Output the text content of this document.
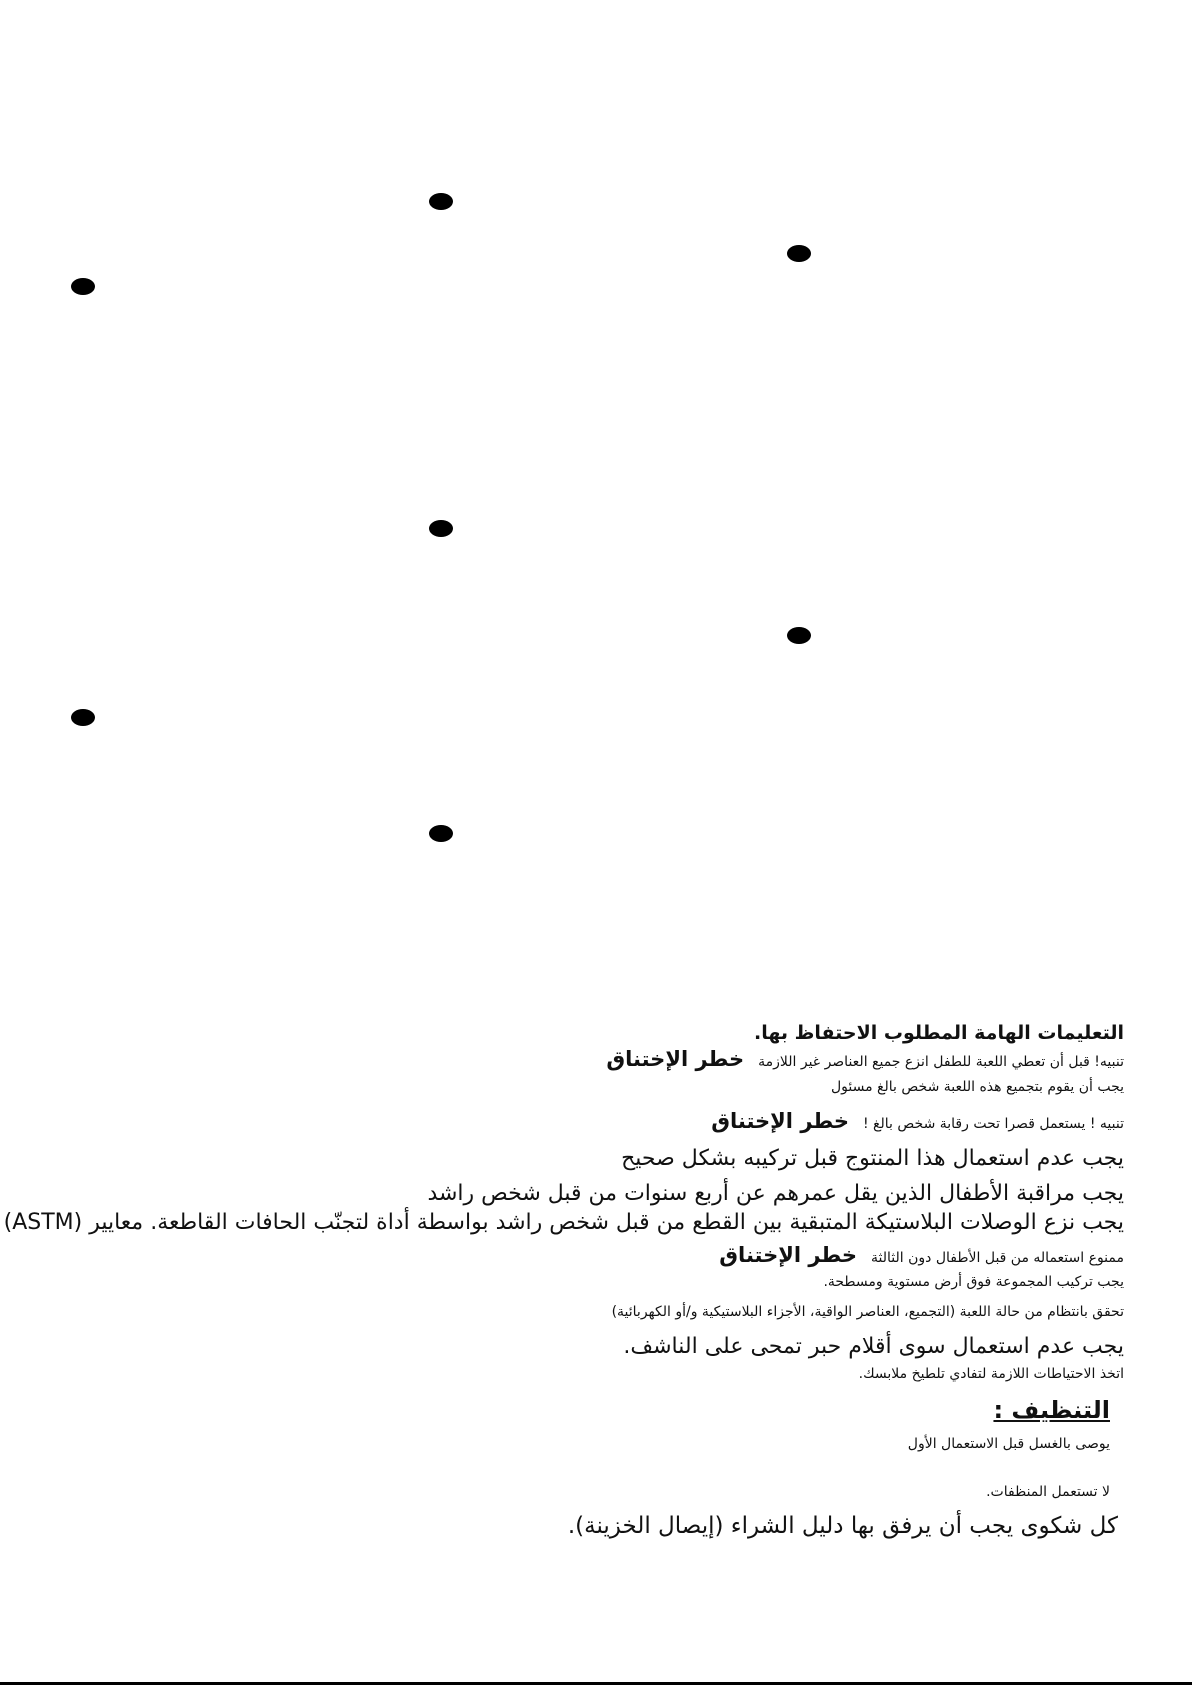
التعليمات الهامة المطلوب الاحتفاظ بها.
تنبيه! قبل أن تعطي اللعبة للطفل انزع جميع العناصر غير اللازمةخطر الإختناق
يجب أن يقوم بتجميع هذه اللعبة شخص بالغ مسئول
تنبيه ! يستعمل قصرا تحت رقابة شخص بالغ !خطر الإختناق
يجب عدم استعمال هذا المنتوج قبل تركيبه بشكل صحيح
يجب مراقبة الأطفال الذين يقل عمرهم عن أربع سنوات من قبل شخص راشد
يجب نزع الوصلات البلاستيكة المتبقية بين القطع من قبل شخص راشد بواسطة أداة لتجنّب الحافات القاطعة. معايير (ASTM)
ممنوع استعماله من قبل الأطفال دون الثالثةخطر الإختناق
يجب تركيب المجموعة فوق أرض مستوية ومسطحة.
تحقق بانتظام من حالة اللعبة (التجميع، العناصر الواقية، الأجزاء البلاستيكية و/أو الكهربائية)
يجب عدم استعمال سوى أقلام حبر تمحى على الناشف.
اتخذ الاحتياطات اللازمة لتفادي تلطيخ ملابسك.
التنظيف :
يوصى بالغسل قبل الاستعمال الأول
لا تستعمل المنظفات.
كل شكوى يجب أن يرفق بها دليل الشراء (إيصال الخزينة).
